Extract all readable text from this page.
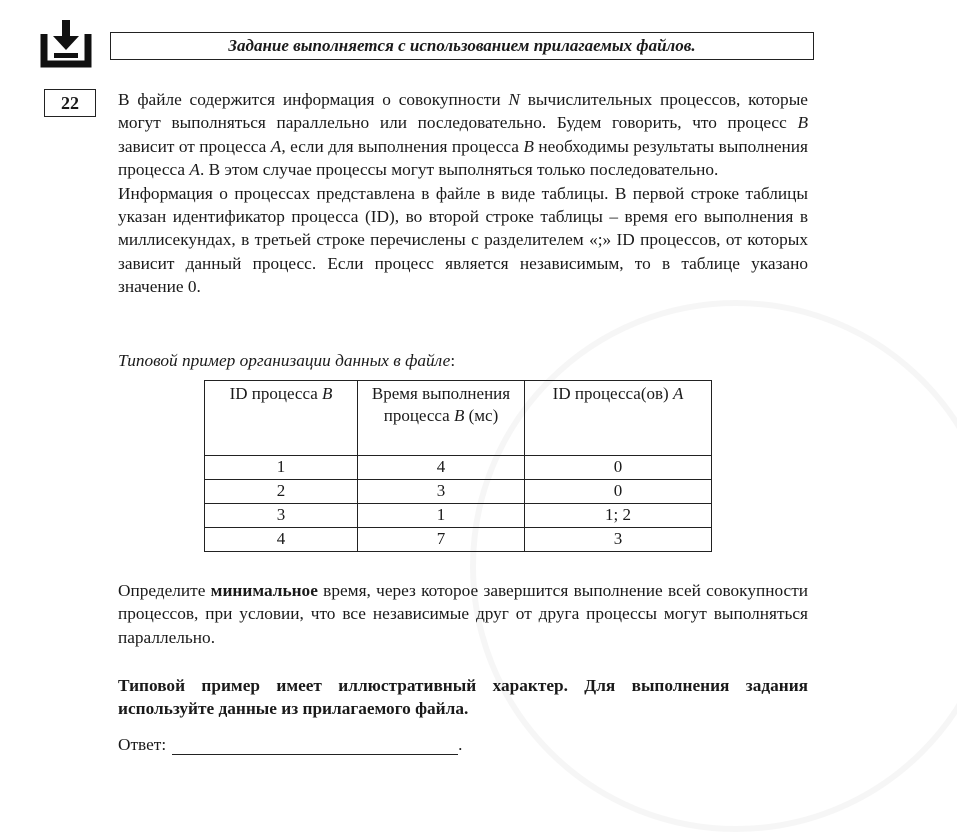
Задание выполняется с использованием прилагаемых файлов.
22 В файле содержится информация о совокупности N вычислительных процессов, которые могут выполняться параллельно или последовательно. Будем говорить, что процесс B зависит от процесса A, если для выполнения процесса B необходимы результаты выполнения процесса A. В этом случае процессы могут выполняться только последовательно.

Информация о процессах представлена в файле в виде таблицы. В первой строке таблицы указан идентификатор процесса (ID), во второй строке таблицы – время его выполнения в миллисекундах, в третьей строке перечислены с разделителем «;» ID процессов, от которых зависит данный процесс. Если процесс является независимым, то в таблице указано значение 0.

Типовой пример организации данных в файле:
ID процесса B	Время выполнения процесса B (мс)	ID процесса(ов) A
1	4	0
2	3	0
3	1	1; 2
4	7	3

Определите минимальное время, через которое завершится выполнение всей совокупности процессов, при условии, что все независимые друг от друга процессы могут выполняться параллельно.

Типовой пример имеет иллюстративный характер. Для выполнения задания используйте данные из прилагаемого файла.

Ответ:	.
